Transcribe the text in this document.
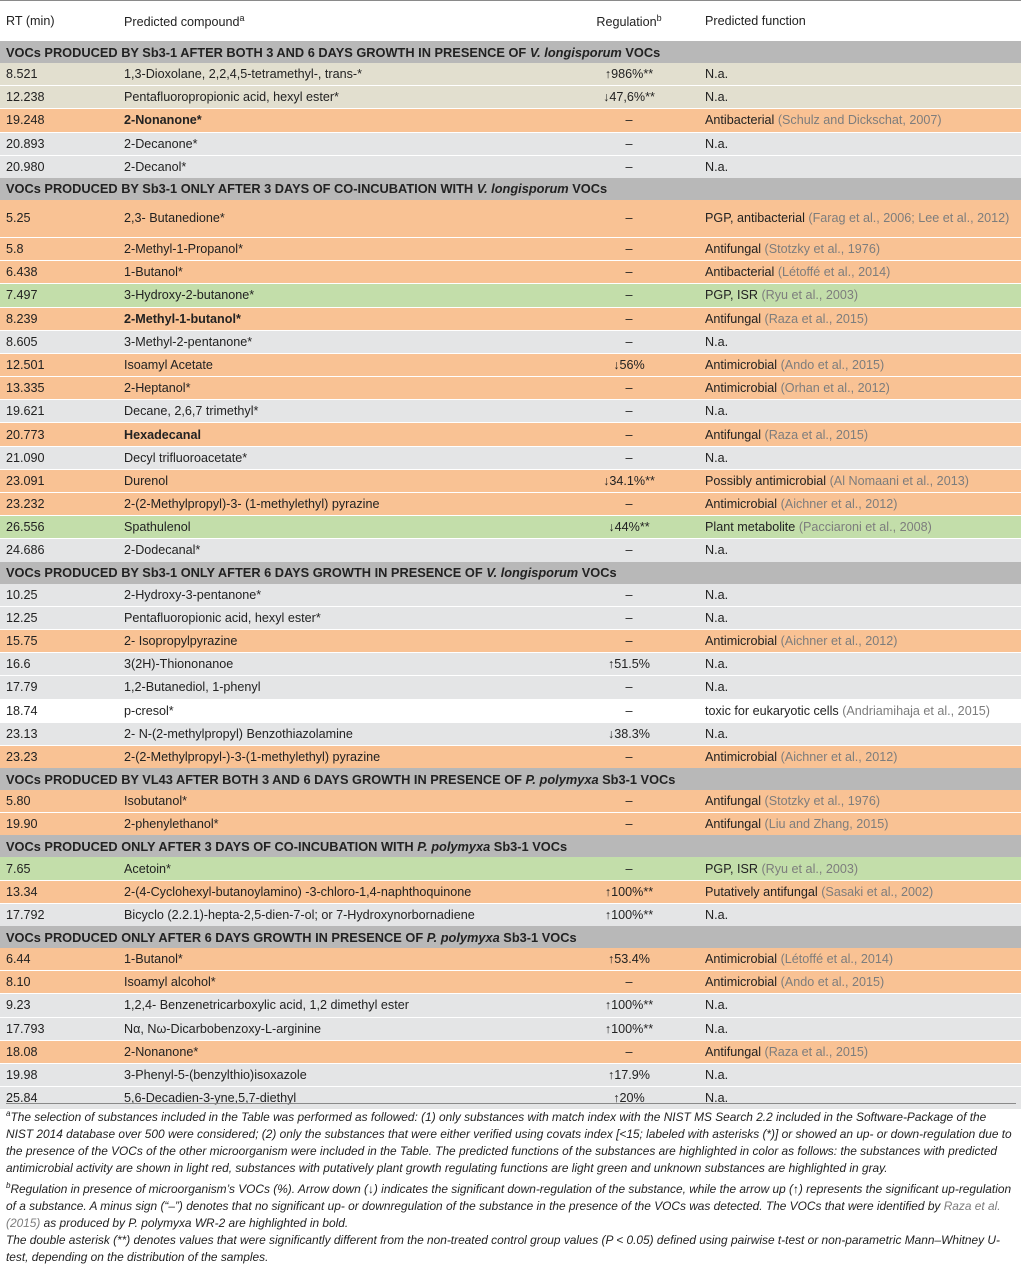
RT (min)	Predicted compound$^a$	Regulation$^b$	Predicted function
VOCs PRODUCED BY Sb3-1 AFTER BOTH 3 AND 6 DAYS GROWTH IN PRESENCE OF V. longisporum VOCs			
8.521	1,3-Dioxolane, 2,2,4,5-tetramethyl-, trans-*	↑986%**	N.a.
12.238	Pentafluoropropionic acid, hexyl ester*	↓47,6%**	N.a.
19.248	2-Nonanone*	–	Antibacterial (Schulz and Dickschat, 2007)
20.893	2-Decanone*	–	N.a.
20.980	2-Decanol*	–	N.a.
VOCs PRODUCED BY Sb3-1 ONLY AFTER 3 DAYS OF CO-INCUBATION WITH V. longisporum VOCs			
5.25	2,3- Butanedione*	–	PGP, antibacterial (Farag et al., 2006; Lee et al., 2012)
5.8	2-Methyl-1-Propanol*	–	Antifungal (Stotzky et al., 1976)
6.438	1-Butanol*	–	Antibacterial (Létoffé et al., 2014)
7.497	3-Hydroxy-2-butanone*	–	PGP, ISR (Ryu et al., 2003)
8.239	2-Methyl-1-butanol*	–	Antifungal (Raza et al., 2015)
8.605	3-Methyl-2-pentanone*	–	N.a.
12.501	Isoamyl Acetate	↓56%	Antimicrobial (Ando et al., 2015)
13.335	2-Heptanol*	–	Antimicrobial (Orhan et al., 2012)
19.621	Decane, 2,6,7 trimethyl*	–	N.a.
20.773	Hexadecanal	–	Antifungal (Raza et al., 2015)
21.090	Decyl trifluoroacetate*	–	N.a.
23.091	Durenol	↓34.1%**	Possibly antimicrobial (Al Nomaani et al., 2013)
23.232	2-(2-Methylpropyl)-3- (1-methylethyl) pyrazine	–	Antimicrobial (Aichner et al., 2012)
26.556	Spathulenol	↓44%**	Plant metabolite (Pacciaroni et al., 2008)
24.686	2-Dodecanal*	–	N.a.
VOCs PRODUCED BY Sb3-1 ONLY AFTER 6 DAYS GROWTH IN PRESENCE OF V. longisporum VOCs			
10.25	2-Hydroxy-3-pentanone*	–	N.a.
12.25	Pentafluoropionic acid, hexyl ester*	–	N.a.
15.75	2- Isopropylpyrazine	–	Antimicrobial (Aichner et al., 2012)
16.6	3(2H)-Thiononanoe	↑51.5%	N.a.
17.79	1,2-Butanediol, 1-phenyl	–	N.a.
18.74	p-cresol*	–	toxic for eukaryotic cells (Andriamihaja et al., 2015)
23.13	2- N-(2-methylpropyl) Benzothiazolamine	↓38.3%	N.a.
23.23	2-(2-Methylpropyl-)-3-(1-methylethyl) pyrazine	–	Antimicrobial (Aichner et al., 2012)
VOCs PRODUCED BY VL43 AFTER BOTH 3 AND 6 DAYS GROWTH IN PRESENCE OF P. polymyxa Sb3-1 VOCs			
5.80	Isobutanol*	–	Antifungal (Stotzky et al., 1976)
19.90	2-phenylethanol*	–	Antifungal (Liu and Zhang, 2015)
VOCs PRODUCED ONLY AFTER 3 DAYS OF CO-INCUBATION WITH P. polymyxa Sb3-1 VOCs			
7.65	Acetoin*	–	PGP, ISR (Ryu et al., 2003)
13.34	2-(4-Cyclohexyl-butanoylamino) -3-chloro-1,4-naphthoquinone	↑100%**	Putatively antifungal (Sasaki et al., 2002)
17.792	Bicyclo (2.2.1)-hepta-2,5-dien-7-ol; or 7-Hydroxynorbornadiene	↑100%**	N.a.
VOCs PRODUCED ONLY AFTER 6 DAYS GROWTH IN PRESENCE OF P. polymyxa Sb3-1 VOCs			
6.44	1-Butanol*	↑53.4%	Antimicrobial (Létoffé et al., 2014)
8.10	Isoamyl alcohol*	–	Antimicrobial (Ando et al., 2015)
9.23	1,2,4- Benzenetricarboxylic acid, 1,2 dimethyl ester	↑100%**	N.a.
17.793	Nα, Nω-Dicarbobenzoxy-L-arginine	↑100%**	N.a.
18.08	2-Nonanone*	–	Antifungal (Raza et al., 2015)
19.98	3-Phenyl-5-(benzylthio)isoxazole	↑17.9%	N.a.
25.84	5,6-Decadien-3-yne,5,7-diethyl	↑20%	N.a.

$^a$The selection of substances included in the Table was performed as followed: (1) only substances with match index with the NIST MS Search 2.2 included in the Software-Package of the NIST 2014 database over 500 were considered; (2) only the substances that were either verified using covats index [<15; labeled with asterisks (*)] or showed an up- or down-regulation due to the presence of the VOCs of the other microorganism were included in the Table. The predicted functions of the substances are highlighted in color as follows: the substances with predicted antimicrobial activity are shown in light red, substances with putatively plant growth regulating functions are light green and unknown substances are highlighted in gray.

$^b$Regulation in presence of microorganism’s VOCs (%). Arrow down (↓) indicates the significant down-regulation of the substance, while the arrow up (↑) represents the significant up-regulation of a substance. A minus sign (“–”) denotes that no significant up- or downregulation of the substance in the presence of the VOCs was detected. The VOCs that were identified by Raza et al. (2015) as produced by P. polymyxa WR-2 are highlighted in bold.

The double asterisk (**) denotes values that were significantly different from the non-treated control group values (P < 0.05) defined using pairwise t-test or non-parametric Mann–Whitney U-test, depending on the distribution of the samples.
